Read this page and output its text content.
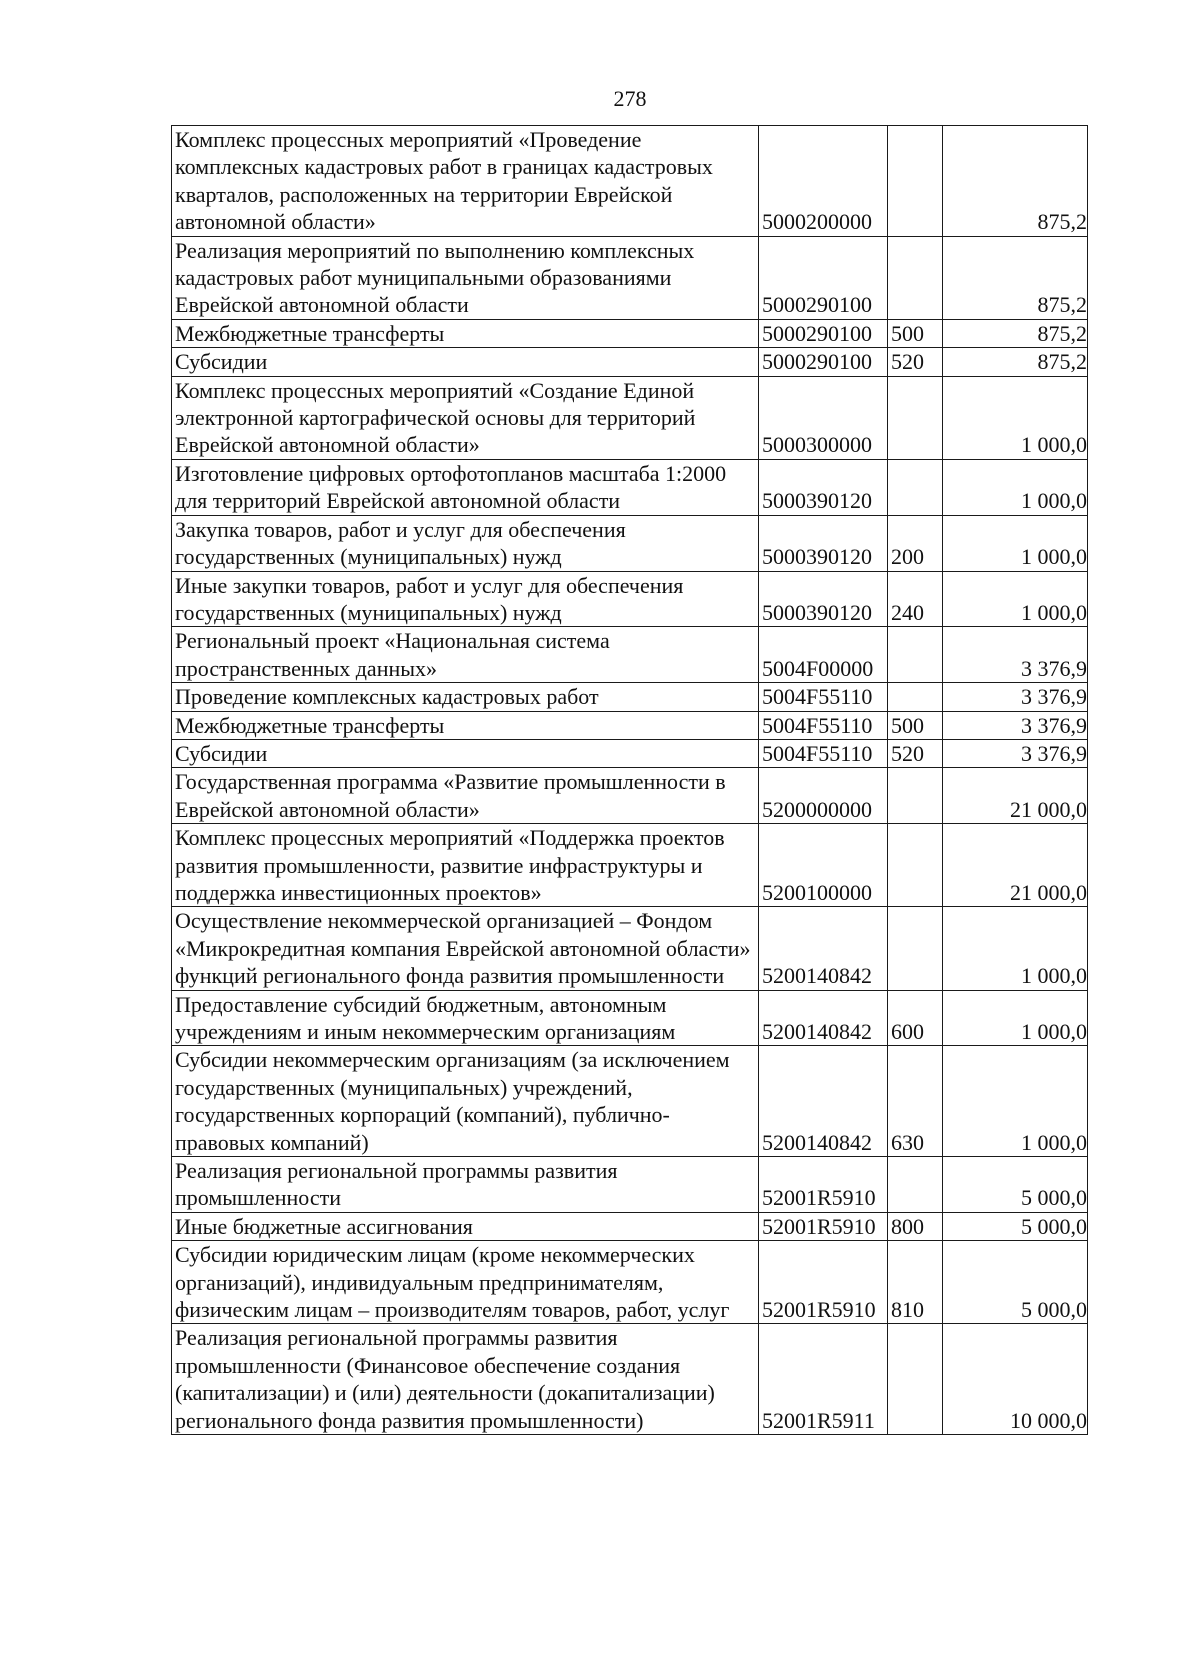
278
Комплекс процессных мероприятий «Проведение комплексных кадастровых работ в границах кадастровых кварталов, расположенных на территории Еврейской автономной области»	5000200000		875,2
Реализация мероприятий по выполнению комплексных кадастровых работ муниципальными образованиями Еврейской автономной области	5000290100		875,2
Межбюджетные трансферты	5000290100	500	875,2
Субсидии	5000290100	520	875,2
Комплекс процессных мероприятий «Создание Единой электронной картографической основы для территорий Еврейской автономной области»	5000300000		1 000,0
Изготовление цифровых ортофотопланов масштаба 1:2000 для территорий Еврейской автономной области	5000390120		1 000,0
Закупка товаров, работ и услуг для обеспечения государственных (муниципальных) нужд	5000390120	200	1 000,0
Иные закупки товаров, работ и услуг для обеспечения государственных (муниципальных) нужд	5000390120	240	1 000,0
Региональный проект «Национальная система пространственных данных»	5004F00000		3 376,9
Проведение комплексных кадастровых работ	5004F55110		3 376,9
Межбюджетные трансферты	5004F55110	500	3 376,9
Субсидии	5004F55110	520	3 376,9
Государственная программа «Развитие промышленности в Еврейской автономной области»	5200000000		21 000,0
Комплекс процессных мероприятий «Поддержка проектов развития промышленности, развитие инфраструктуры и поддержка инвестиционных проектов»	5200100000		21 000,0
Осуществление некоммерческой организацией – Фондом «Микрокредитная компания Еврейской автономной области» функций регионального фонда развития промышленности	5200140842		1 000,0
Предоставление субсидий бюджетным, автономным учреждениям и иным некоммерческим организациям	5200140842	600	1 000,0
Субсидии некоммерческим организациям (за исключением государственных (муниципальных) учреждений, государственных корпораций (компаний), публично-правовых компаний)	5200140842	630	1 000,0
Реализация региональной программы развития промышленности	52001R5910		5 000,0
Иные бюджетные ассигнования	52001R5910	800	5 000,0
Субсидии юридическим лицам (кроме некоммерческих организаций), индивидуальным предпринимателям, физическим лицам – производителям товаров, работ, услуг	52001R5910	810	5 000,0
Реализация региональной программы развития промышленности (Финансовое обеспечение создания (капитализации) и (или) деятельности (докапитализации) регионального фонда развития промышленности)	52001R5911		10 000,0
